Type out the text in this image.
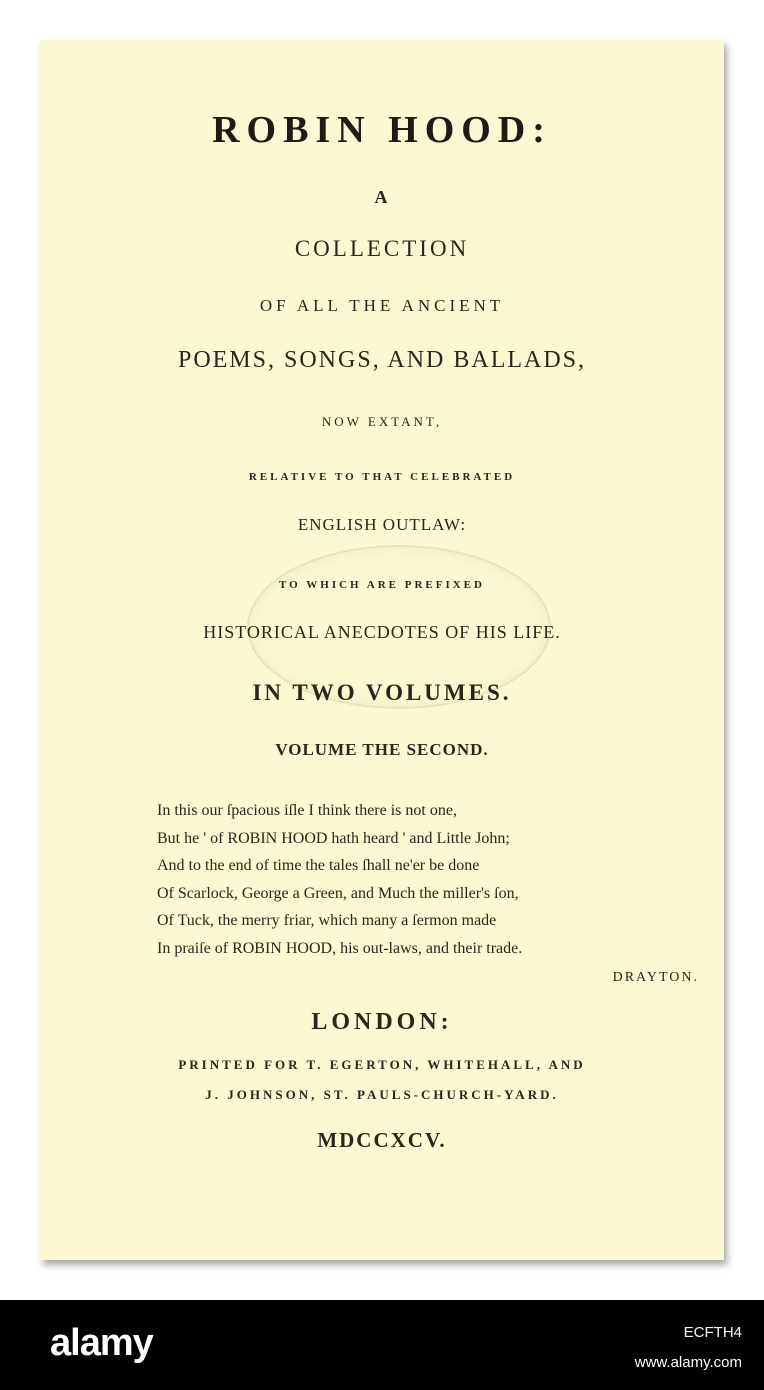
ROBIN HOOD:
A
COLLECTION
OF ALL THE ANCIENT
POEMS, SONGS, AND BALLADS,
NOW EXTANT,
RELATIVE TO THAT CELEBRATED
ENGLISH OUTLAW:
TO WHICH ARE PREFIXED
HISTORICAL ANECDOTES OF HIS LIFE.
IN TWO VOLUMES.
VOLUME THE SECOND.
In this our ſpacious iſle I think there is not one,
But he ' of ROBIN HOOD hath heard ' and Little John;
And to the end of time the tales ſhall ne'er be done
Of Scarlock, George a Green, and Much the miller's ſon,
Of Tuck, the merry friar, which many a ſermon made
In praiſe of ROBIN HOOD, his out-laws, and their trade.
DRAYTON.
LONDON:
PRINTED FOR T. EGERTON, WHITEHALL, AND
J. JOHNSON, ST. PAULS-CHURCH-YARD.
MDCCXCV.
alamy	ECFTH4
www.alamy.com
